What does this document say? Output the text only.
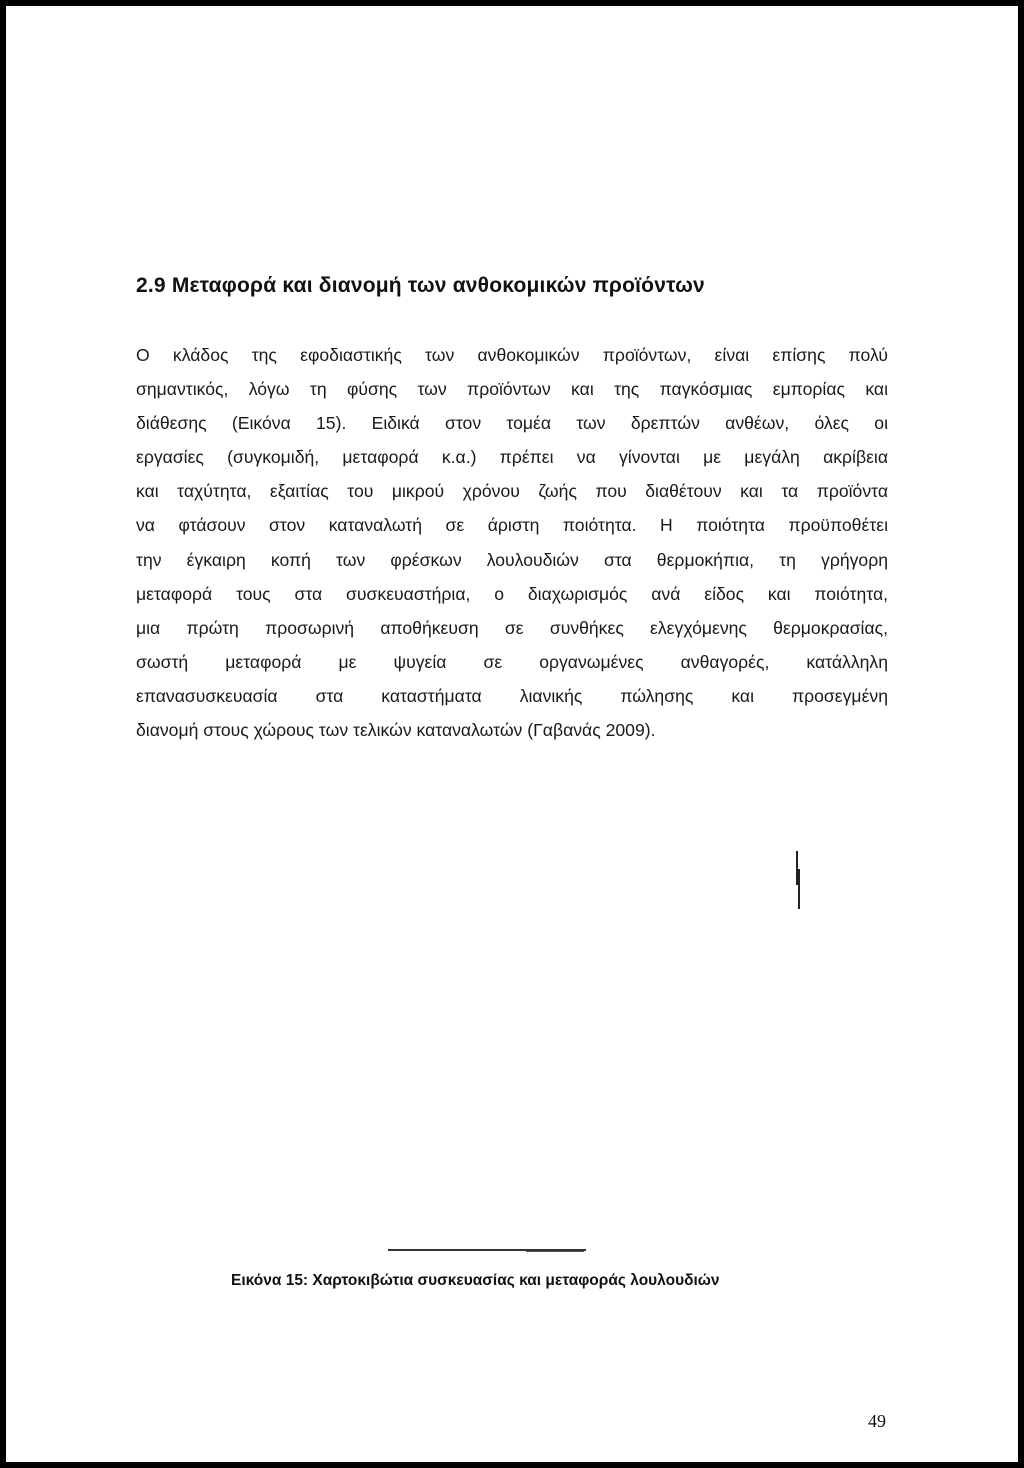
2.9 Μεταφορά και διανομή των ανθοκομικών προϊόντων
Ο κλάδος της εφοδιαστικής των ανθοκομικών προϊόντων, είναι επίσης πολύ
σημαντικός, λόγω τη φύσης των προϊόντων και της παγκόσμιας εμπορίας και
διάθεσης (Εικόνα 15). Ειδικά στον τομέα των δρεπτών ανθέων, όλες οι
εργασίες (συγκομιδή, μεταφορά κ.α.) πρέπει να γίνονται με μεγάλη ακρίβεια
και ταχύτητα, εξαιτίας του μικρού χρόνου ζωής που διαθέτουν και τα προϊόντα
να φτάσουν στον καταναλωτή σε άριστη ποιότητα. Η ποιότητα προϋποθέτει
την έγκαιρη κοπή των φρέσκων λουλουδιών στα θερμοκήπια, τη γρήγορη
μεταφορά τους στα συσκευαστήρια, ο διαχωρισμός ανά είδος και ποιότητα,
μια πρώτη προσωρινή αποθήκευση σε συνθήκες ελεγχόμενης θερμοκρασίας,
σωστή μεταφορά με ψυγεία σε οργανωμένες ανθαγορές, κατάλληλη
επανασυσκευασία στα καταστήματα λιανικής πώλησης και προσεγμένη
διανομή στους χώρους των τελικών καταναλωτών (Γαβανάς 2009).

Εικόνα 15: Χαρτοκιβώτια συσκευασίας και μεταφοράς λουλουδιών

49
